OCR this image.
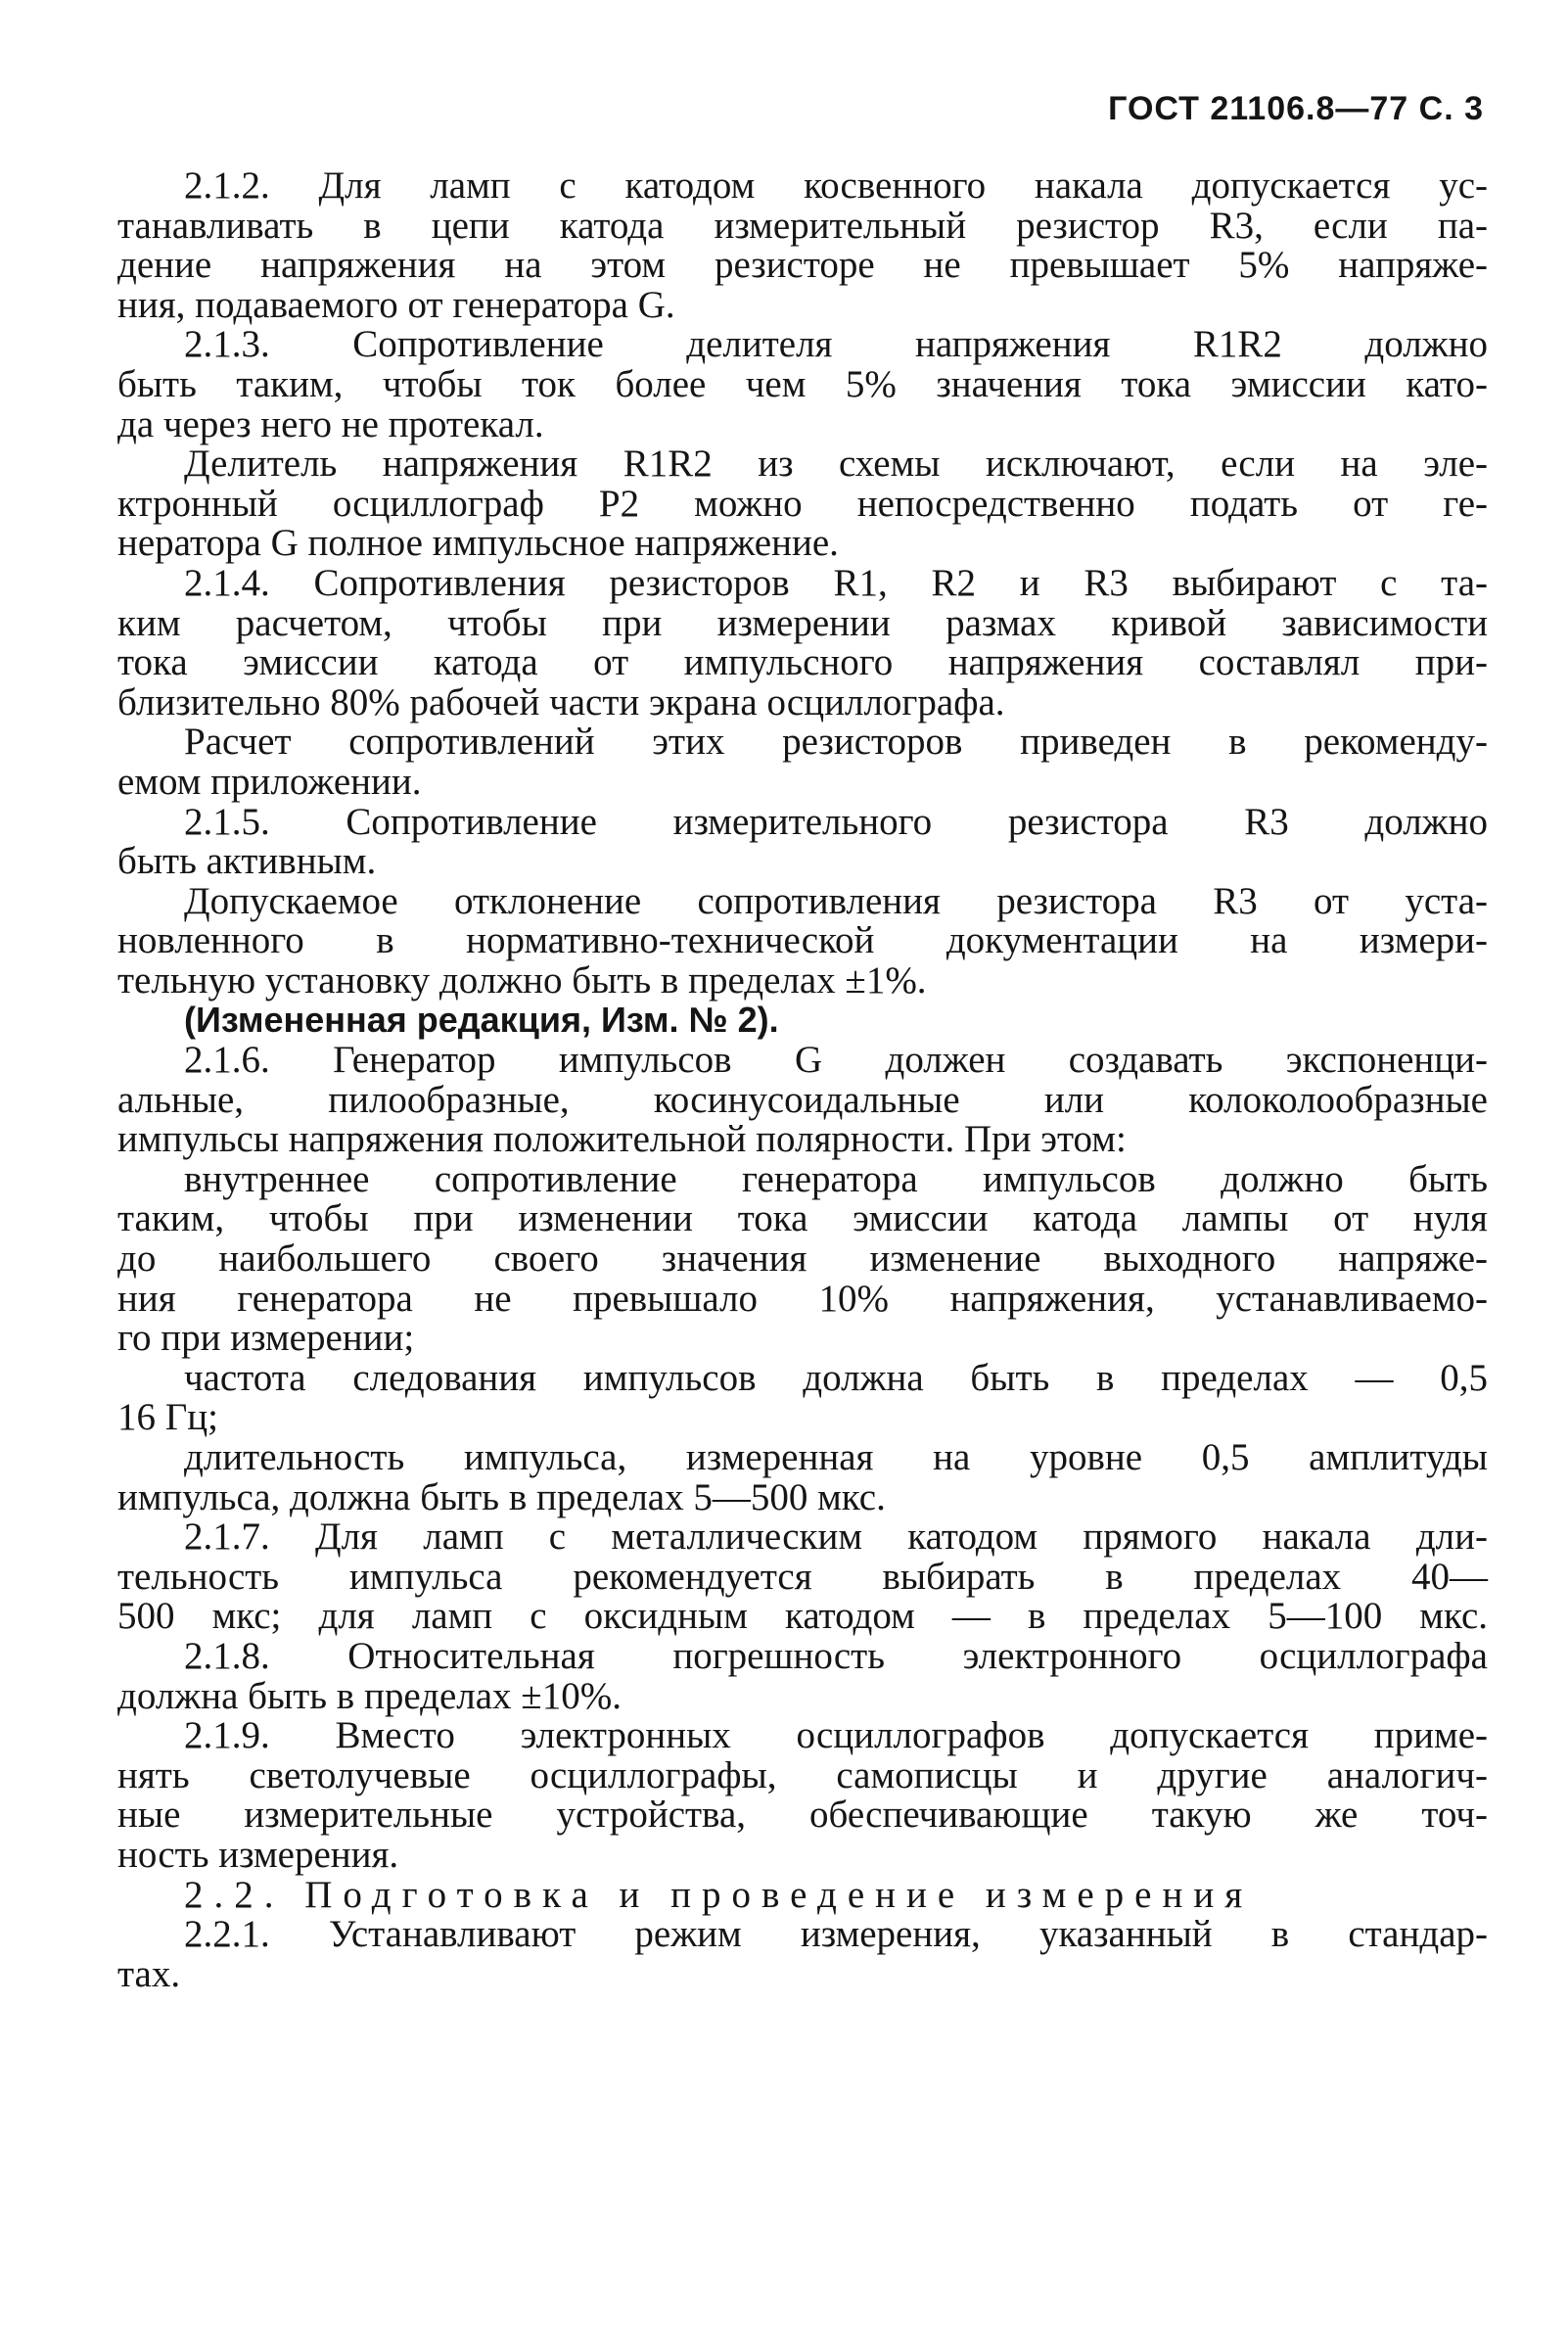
ГОСТ 21106.8—77 С. 3
2.1.2. Для ламп с катодом косвенного накала допускается ус-
танавливать в цепи катода измерительный резистор R3, если па-
дение напряжения на этом резисторе не превышает 5% напряже-
ния, подаваемого от генератора G.
2.1.3. Сопротивление делителя напряжения R1R2 должно
быть таким, чтобы ток более чем 5% значения тока эмиссии като-
да через него не протекал.
Делитель напряжения R1R2 из схемы исключают, если на эле-
ктронный осциллограф P2 можно непосредственно подать от ге-
нератора G полное импульсное напряжение.
2.1.4. Сопротивления резисторов R1, R2 и R3 выбирают с та-
ким расчетом, чтобы при измерении размах кривой зависимости
тока эмиссии катода от импульсного напряжения составлял при-
близительно 80% рабочей части экрана осциллографа.
Расчет сопротивлений этих резисторов приведен в рекоменду-
емом приложении.
2.1.5. Сопротивление измерительного резистора R3 должно
быть активным.
Допускаемое отклонение сопротивления резистора R3 от уста-
новленного в нормативно-технической документации на измери-
тельную установку должно быть в пределах ±1%.
(Измененная редакция, Изм. № 2).
2.1.6. Генератор импульсов G должен создавать экспоненци-
альные, пилообразные, косинусоидальные или колоколообразные
импульсы напряжения положительной полярности. При этом:
внутреннее сопротивление генератора импульсов должно быть
таким, чтобы при изменении тока эмиссии катода лампы от нуля
до наибольшего своего значения изменение выходного напряже-
ния генератора не превышало 10% напряжения, устанавливаемо-
го при измерении;
частота следования импульсов должна быть в пределах — 0,5
16 Гц;
длительность импульса, измеренная на уровне 0,5 амплитуды
импульса, должна быть в пределах 5—500 мкс.
2.1.7. Для ламп с металлическим катодом прямого накала дли-
тельность импульса рекомендуется выбирать в пределах 40—
500 мкс; для ламп с оксидным катодом — в пределах 5—100 мкс.
2.1.8. Относительная погрешность электронного осциллографа
должна быть в пределах ±10%.
2.1.9. Вместо электронных осциллографов допускается приме-
нять светолучевые осциллографы, самописцы и другие аналогич-
ные измерительные устройства, обеспечивающие такую же точ-
ность измерения.
2.2. Подготовка и проведение измерения
2.2.1. Устанавливают режим измерения, указанный в стандар-
тах.
